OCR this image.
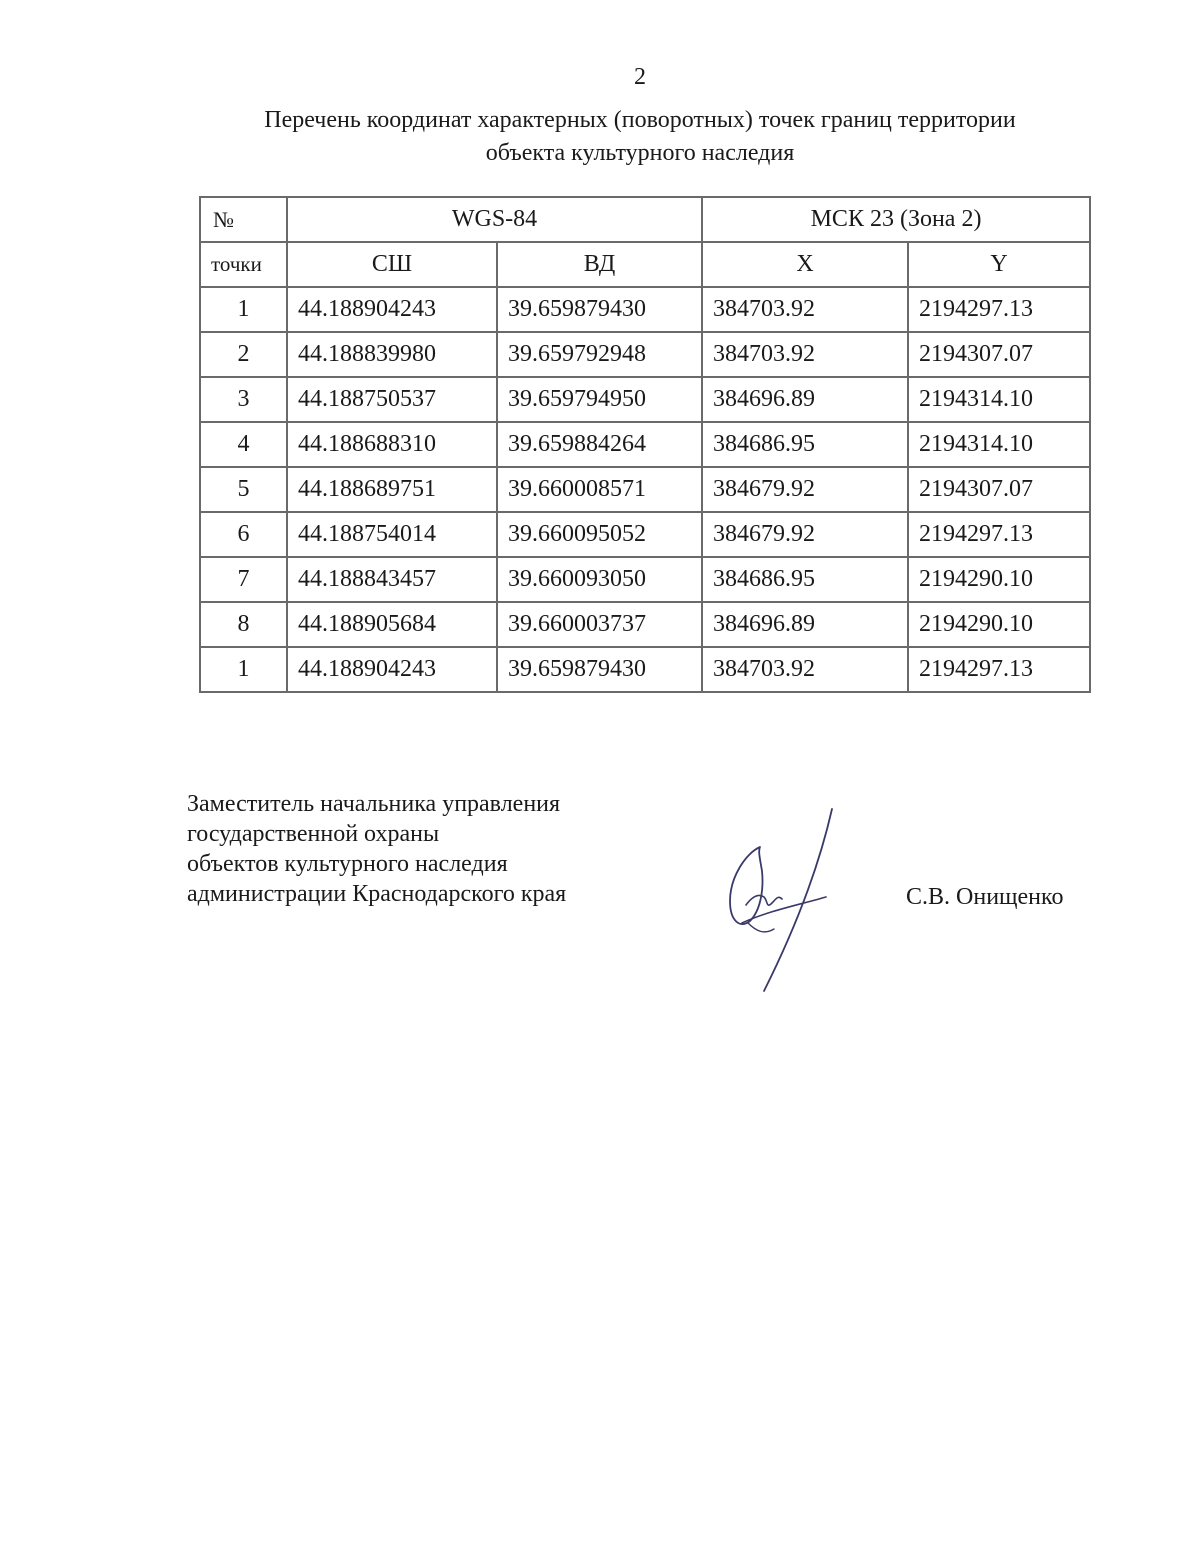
2
Перечень координат характерных (поворотных) точек границ территории
объекта культурного наследия
№	WGS-84		МСК 23 (Зона 2)	
точки	СШ	ВД	X	Y
1	44.188904243	39.659879430	384703.92	2194297.13
2	44.188839980	39.659792948	384703.92	2194307.07
3	44.188750537	39.659794950	384696.89	2194314.10
4	44.188688310	39.659884264	384686.95	2194314.10
5	44.188689751	39.660008571	384679.92	2194307.07
6	44.188754014	39.660095052	384679.92	2194297.13
7	44.188843457	39.660093050	384686.95	2194290.10
8	44.188905684	39.660003737	384696.89	2194290.10
1	44.188904243	39.659879430	384703.92	2194297.13
Заместитель начальника управления
государственной охраны
объектов культурного наследия
администрации Краснодарского края	С.В. Онищенко
